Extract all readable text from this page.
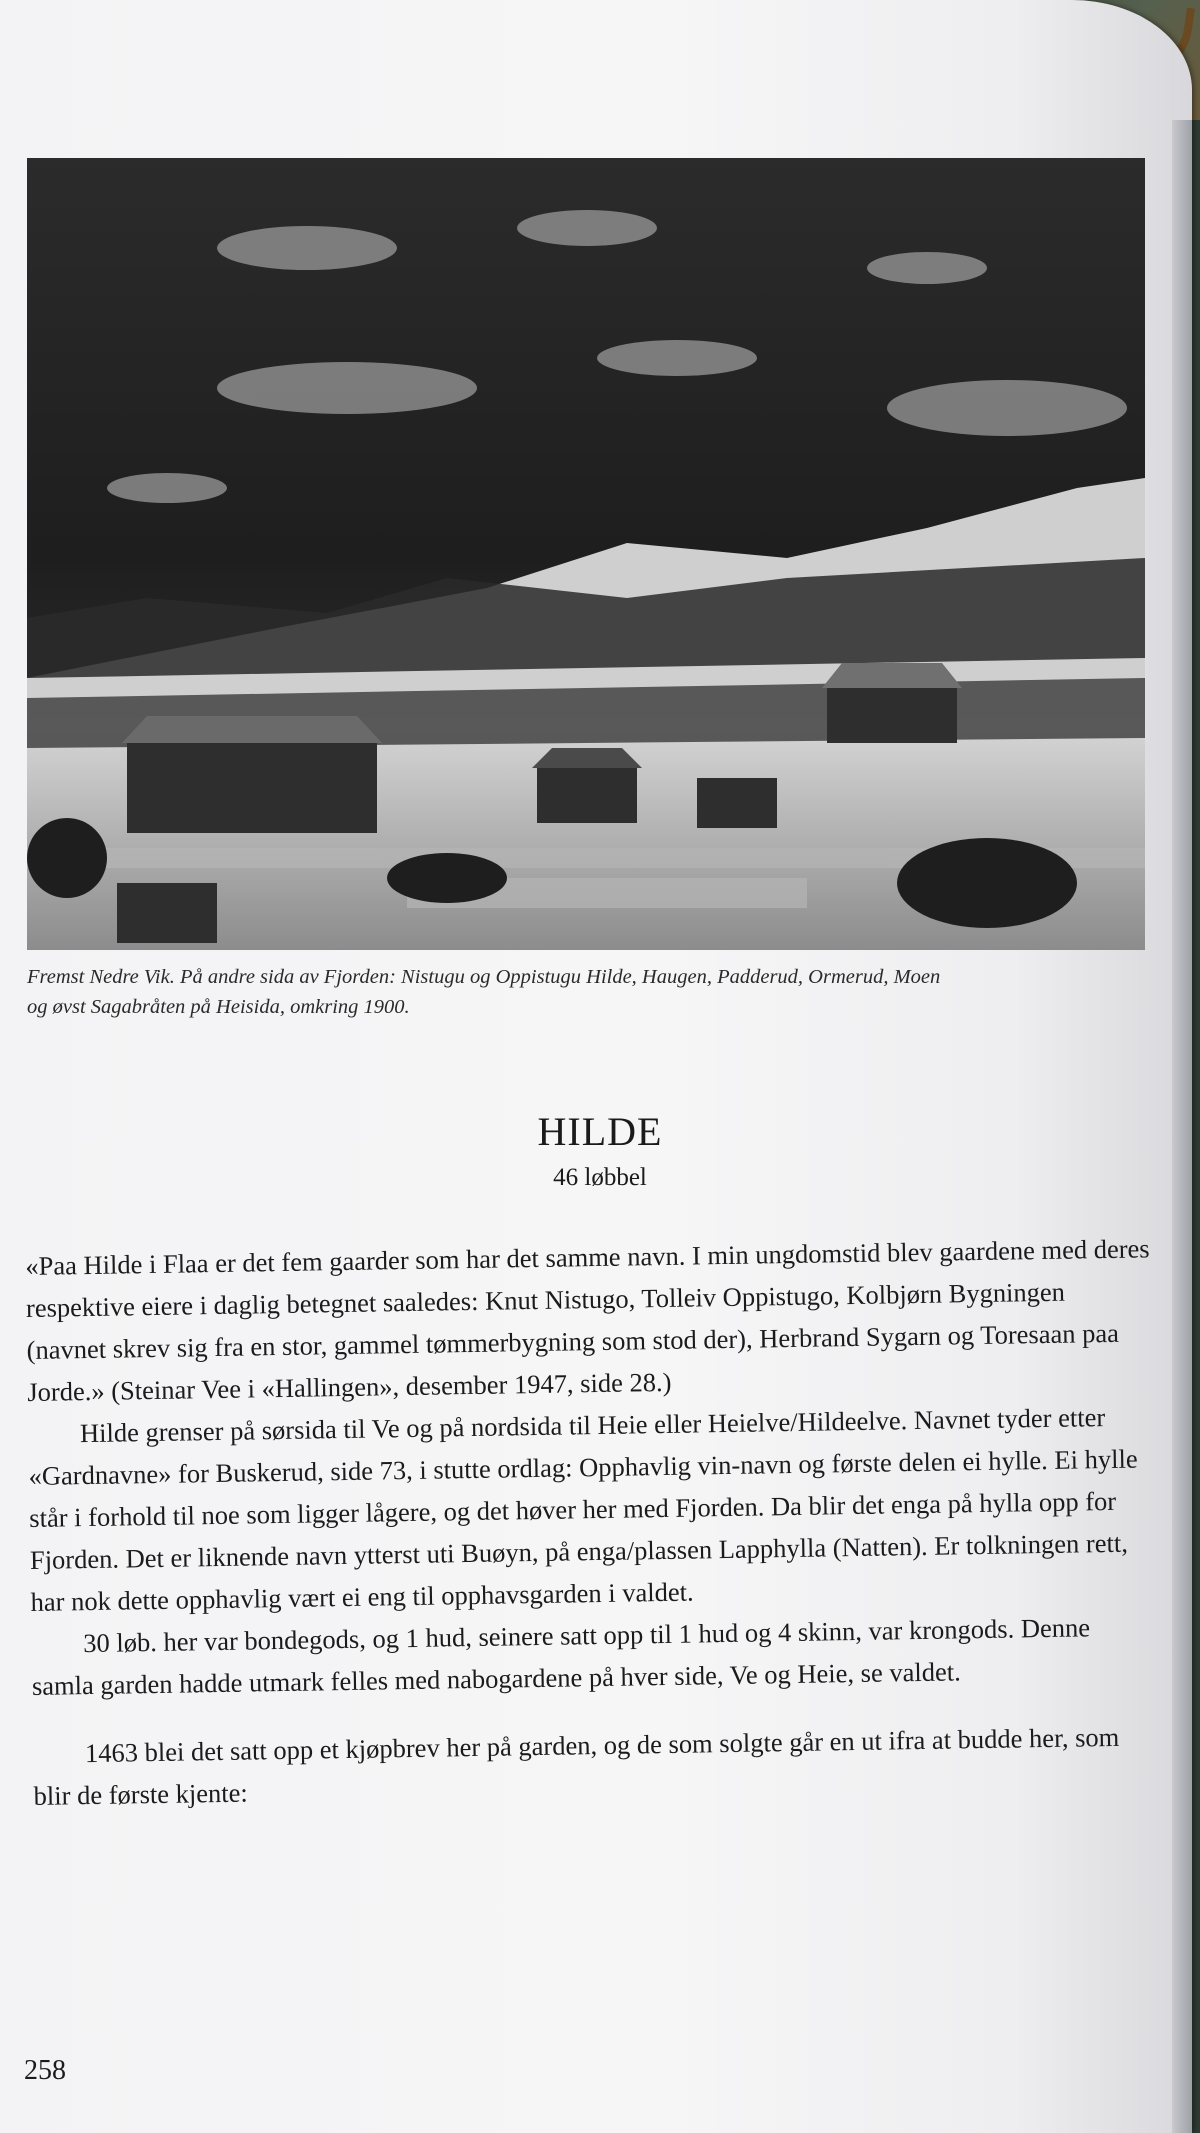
Fremst Nedre Vik. På andre sida av Fjorden: Nistugu og Oppistugu Hilde, Haugen, Padderud, Ormerud, Moen
og øvst Sagabråten på Heisida, omkring 1900.
HILDE
46 løbbel

«Paa Hilde i Flaa er det fem gaarder som har det samme navn. I min ungdomstid blev gaardene med deres respektive eiere i daglig betegnet saaledes: Knut Nistugo, Tolleiv Oppistugo, Kolbjørn Bygningen (navnet skrev sig fra en stor, gammel tømmerbygning som stod der), Herbrand Sygarn og Toresaan paa Jorde.» (Steinar Vee i «Hallingen», desember 1947, side 28.)

Hilde grenser på sørsida til Ve og på nordsida til Heie eller Heielve/Hildeelve. Navnet tyder etter «Gardnavne» for Buskerud, side 73, i stutte ordlag: Opphavlig vin-navn og første delen ei hylle. Ei hylle står i forhold til noe som ligger lågere, og det høver her med Fjorden. Da blir det enga på hylla opp for Fjorden. Det er liknende navn ytterst uti Buøyn, på enga/plassen Lapphylla (Natten). Er tolkningen rett, har nok dette opphavlig vært ei eng til opphavsgarden i valdet.

30 løb. her var bondegods, og 1 hud, seinere satt opp til 1 hud og 4 skinn, var krongods. Denne samla garden hadde utmark felles med nabogardene på hver side, Ve og Heie, se valdet.

1463 blei det satt opp et kjøpbrev her på garden, og de som solgte går en ut ifra at budde her, som blir de første kjente:

258
